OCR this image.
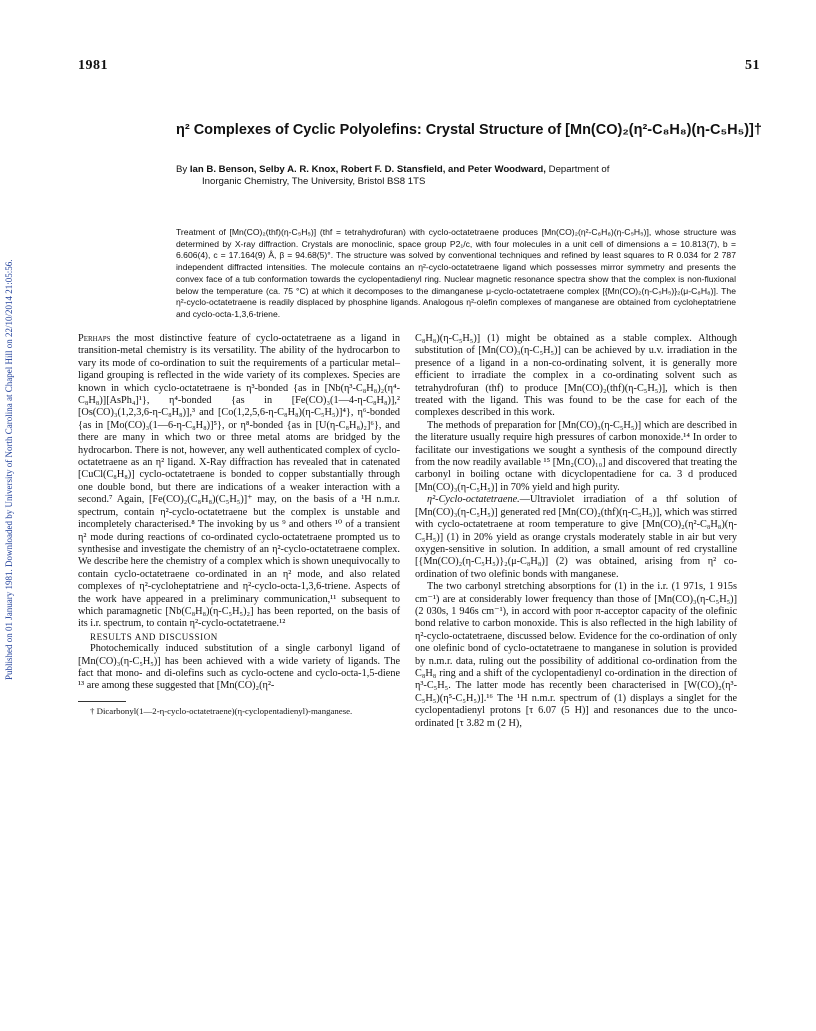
1981	51
Published on 01 January 1981. Downloaded by University of North Carolina at Chapel Hill on 22/10/2014 21:05:56.
η² Complexes of Cyclic Polyolefins: Crystal Structure of [Mn(CO)₂(η²-C₈H₈)(η-C₅H₅)]†
By Ian B. Benson, Selby A. R. Knox, Robert F. D. Stansfield, and Peter Woodward, Department of
Inorganic Chemistry, The University, Bristol BS8 1TS
Treatment of [Mn(CO)₂(thf)(η-C₅H₅)] (thf = tetrahydrofuran) with cyclo-octatetraene produces [Mn(CO)₂(η²-C₈H₈)(η-C₅H₅)], whose structure was determined by X-ray diffraction. Crystals are monoclinic, space group P2₁/c, with four molecules in a unit cell of dimensions a = 10.813(7), b = 6.606(4), c = 17.164(9) Å, β = 94.68(5)°. The structure was solved by conventional techniques and refined by least squares to R 0.034 for 2 787 independent diffracted intensities. The molecule contains an η²-cyclo-octatetraene ligand which possesses mirror symmetry and presents the convex face of a tub conformation towards the cyclopentadienyl ring. Nuclear magnetic resonance spectra show that the complex is non-fluxional below the temperature (ca. 75 °C) at which it decomposes to the dimanganese μ-cyclo-octatetraene complex [{Mn(CO)₂(η-C₅H₅)}₂(μ-C₈H₈)]. The η²-cyclo-octatetraene is readily displaced by phosphine ligands. Analogous η²-olefin complexes of manganese are obtained from cycloheptatriene and cyclo-octa-1,3,6-triene.

Perhaps the most distinctive feature of cyclo-octatetraene as a ligand in transition-metal chemistry is its versatility. The ability of the hydrocarbon to vary its mode of co-ordination to suit the requirements of a particular metal–ligand grouping is reflected in the wide variety of its complexes. Species are known in which cyclo-octatetraene is η³-bonded {as in [Nb(η³-C₈H₈)₂(η⁴-C₈H₈)][AsPh₄]¹}, η⁴-bonded {as in [Fe(CO)₃(1—4-η-C₈H₈)],² [Os(CO)₃(1,2,3,6-η-C₈H₈)],³ and [Co(1,2,5,6-η-C₈H₈)(η-C₅H₅)]⁴}, η⁶-bonded {as in [Mo(CO)₃(1—6-η-C₈H₈)]⁵}, or η⁸-bonded {as in [U(η-C₈H₈)₂]⁶}, and there are many in which two or three metal atoms are bridged by the hydrocarbon. There is not, however, any well authenticated complex of cyclo-octatetraene as an η² ligand. X-Ray diffraction has revealed that in catenated [CuCl(C₈H₈)] cyclo-octatetraene is bonded to copper substantially through one double bond, but there are indications of a weaker interaction with a second.⁷ Again, [Fe(CO)₂(C₈H₈)(C₅H₅)]⁺ may, on the basis of a ¹H n.m.r. spectrum, contain η²-cyclo-octatetraene but the complex is unstable and incompletely characterised.⁸ The invoking by us ⁹ and others ¹⁰ of a transient η² mode during reactions of co-ordinated cyclo-octatetraene prompted us to synthesise and investigate the chemistry of an η²-cyclo-octatetraene complex. We describe here the chemistry of a complex which is shown unequivocally to contain cyclo-octatetraene co-ordinated in an η² mode, and also related complexes of η²-cycloheptatriene and η²-cyclo-octa-1,3,6-triene. Aspects of the work have appeared in a preliminary communication,¹¹ subsequent to which paramagnetic [Nb(C₈H₈)(η-C₅H₅)₂] has been reported, on the basis of its i.r. spectrum, to contain η²-cyclo-octatetraene.¹²

RESULTS AND DISCUSSION

Photochemically induced substitution of a single carbonyl ligand of [Mn(CO)₃(η-C₅H₅)] has been achieved with a wide variety of ligands. The fact that mono- and di-olefins such as cyclo-octene and cyclo-octa-1,5-diene ¹³ are among these suggested that [Mn(CO)₂(η²-

† Dicarbonyl(1—2-η-cyclo-octatetraene)(η-cyclopentadienyl)-manganese.

C₈H₈)(η-C₅H₅)] (1) might be obtained as a stable complex. Although substitution of [Mn(CO)₃(η-C₅H₅)] can be achieved by u.v. irradiation in the presence of a ligand in a non-co-ordinating solvent, it is generally more efficient to irradiate the complex in a co-ordinating solvent such as tetrahydrofuran (thf) to produce [Mn(CO)₂(thf)(η-C₅H₅)], which is then treated with the ligand. This was found to be the case for each of the complexes described in this work.

The methods of preparation for [Mn(CO)₃(η-C₅H₅)] which are described in the literature usually require high pressures of carbon monoxide.¹⁴ In order to facilitate our investigations we sought a synthesis of the compound directly from the now readily available ¹⁵ [Mn₂(CO)₁₀] and discovered that treating the carbonyl in boiling octane with dicyclopentadiene for ca. 3 d produced [Mn(CO)₃(η-C₅H₅)] in 70% yield and high purity.

η²-Cyclo-octatetraene.—Ultraviolet irradiation of a thf solution of [Mn(CO)₃(η-C₅H₅)] generated red [Mn(CO)₂(thf)(η-C₅H₅)], which was stirred with cyclo-octatetraene at room temperature to give [Mn(CO)₂(η²-C₈H₈)(η-C₅H₅)] (1) in 20% yield as orange crystals moderately stable in air but very oxygen-sensitive in solution. In addition, a small amount of red crystalline [{Mn(CO)₂(η-C₅H₅)}₂(μ-C₈H₈)] (2) was obtained, arising from η² co-ordination of two olefinic bonds with manganese.

The two carbonyl stretching absorptions for (1) in the i.r. (1 971s, 1 915s cm⁻¹) are at considerably lower frequency than those of [Mn(CO)₃(η-C₅H₅)] (2 030s, 1 946s cm⁻¹), in accord with poor π-acceptor capacity of the olefinic bond relative to carbon monoxide. This is also reflected in the high lability of η²-cyclo-octatetraene, discussed below. Evidence for the co-ordination of only one olefinic bond of cyclo-octatetraene to manganese in solution is provided by n.m.r. data, ruling out the possibility of additional co-ordination from the C₈H₈ ring and a shift of the cyclopentadienyl co-ordination in the direction of η³-C₅H₅. The latter mode has recently been characterised in [W(CO)₂(η³-C₅H₅)(η⁵-C₅H₅)].¹⁶ The ¹H n.m.r. spectrum of (1) displays a singlet for the cyclopentadienyl protons [τ 6.07 (5 H)] and resonances due to the unco-ordinated [τ 3.82 m (2 H),
